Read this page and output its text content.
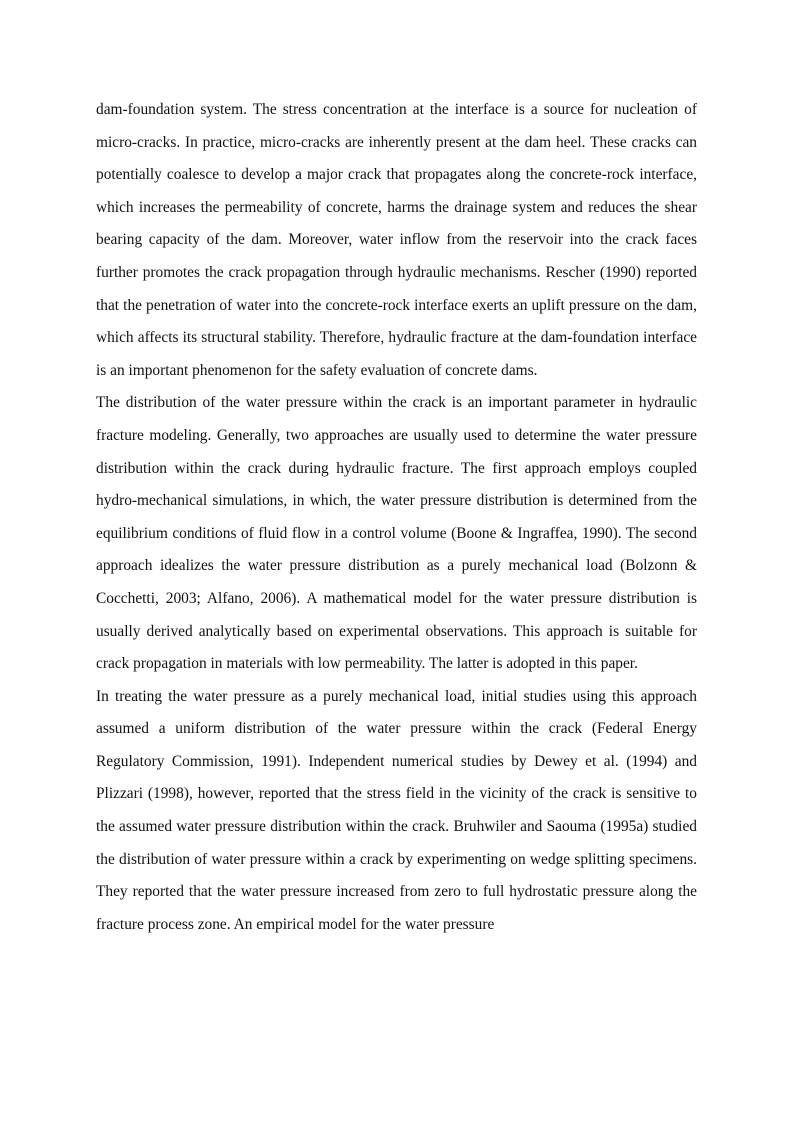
dam-foundation system. The stress concentration at the interface is a source for nucleation of micro-cracks. In practice, micro-cracks are inherently present at the dam heel. These cracks can potentially coalesce to develop a major crack that propagates along the concrete-rock interface, which increases the permeability of concrete, harms the drainage system and reduces the shear bearing capacity of the dam. Moreover, water inflow from the reservoir into the crack faces further promotes the crack propagation through hydraulic mechanisms. Rescher (1990) reported that the penetration of water into the concrete-rock interface exerts an uplift pressure on the dam, which affects its structural stability. Therefore, hydraulic fracture at the dam-foundation interface is an important phenomenon for the safety evaluation of concrete dams.

The distribution of the water pressure within the crack is an important parameter in hydraulic fracture modeling. Generally, two approaches are usually used to determine the water pressure distribution within the crack during hydraulic fracture. The first approach employs coupled hydro-mechanical simulations, in which, the water pressure distribution is determined from the equilibrium conditions of fluid flow in a control volume (Boone & Ingraffea, 1990). The second approach idealizes the water pressure distribution as a purely mechanical load (Bolzonn & Cocchetti, 2003; Alfano, 2006). A mathematical model for the water pressure distribution is usually derived analytically based on experimental observations. This approach is suitable for crack propagation in materials with low permeability. The latter is adopted in this paper.

In treating the water pressure as a purely mechanical load, initial studies using this approach assumed a uniform distribution of the water pressure within the crack (Federal Energy Regulatory Commission, 1991). Independent numerical studies by Dewey et al. (1994) and Plizzari (1998), however, reported that the stress field in the vicinity of the crack is sensitive to the assumed water pressure distribution within the crack. Bruhwiler and Saouma (1995a) studied the distribution of water pressure within a crack by experimenting on wedge splitting specimens. They reported that the water pressure increased from zero to full hydrostatic pressure along the fracture process zone. An empirical model for the water pressure
